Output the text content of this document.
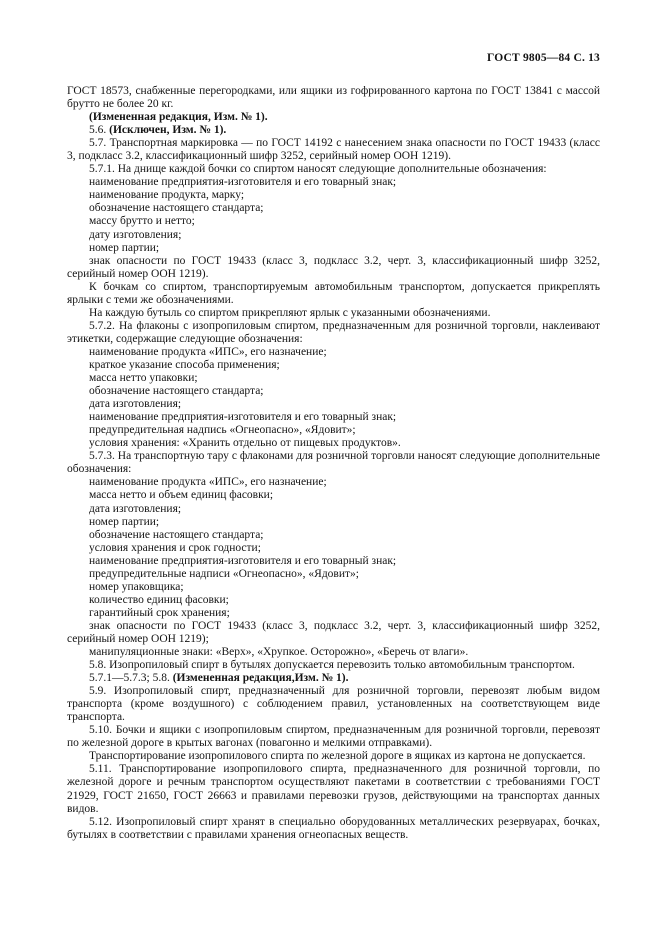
ГОСТ 9805—84 С. 13

ГОСТ 18573, снабженные перегородками, или ящики из гофрированного картона по ГОСТ 13841 с массой брутто не более 20 кг.

(Измененная редакция, Изм. № 1).

5.6. (Исключен, Изм. № 1).

5.7. Транспортная маркировка — по ГОСТ 14192 с нанесением знака опасности по ГОСТ 19433 (класс 3, подкласс 3.2, классификационный шифр 3252, серийный номер ООН 1219).

5.7.1. На днище каждой бочки со спиртом наносят следующие дополнительные обозначения:

наименование предприятия-изготовителя и его товарный знак;

наименование продукта, марку;

обозначение настоящего стандарта;

массу брутто и нетто;

дату изготовления;

номер партии;

знак опасности по ГОСТ 19433 (класс 3, подкласс 3.2, черт. 3, классификационный шифр 3252, серийный номер ООН 1219).

К бочкам со спиртом, транспортируемым автомобильным транспортом, допускается прикреплять ярлыки с теми же обозначениями.

На каждую бутыль со спиртом прикрепляют ярлык с указанными обозначениями.

5.7.2. На флаконы с изопропиловым спиртом, предназначенным для розничной торговли, наклеивают этикетки, содержащие следующие обозначения:

наименование продукта «ИПС», его назначение;

краткое указание способа применения;

масса нетто упаковки;

обозначение настоящего стандарта;

дата изготовления;

наименование предприятия-изготовителя и его товарный знак;

предупредительная надпись «Огнеопасно», «Ядовит»;

условия хранения: «Хранить отдельно от пищевых продуктов».

5.7.3. На транспортную тару с флаконами для розничной торговли наносят следующие дополнительные обозначения:

наименование продукта «ИПС», его назначение;

масса нетто и объем единиц фасовки;

дата изготовления;

номер партии;

обозначение настоящего стандарта;

условия хранения и срок годности;

наименование предприятия-изготовителя и его товарный знак;

предупредительные надписи «Огнеопасно», «Ядовит»;

номер упаковщика;

количество единиц фасовки;

гарантийный срок хранения;

знак опасности по ГОСТ 19433 (класс 3, подкласс 3.2, черт. 3, классификационный шифр 3252, серийный номер ООН 1219);

манипуляционные знаки: «Верх», «Хрупкое. Осторожно», «Беречь от влаги».

5.8. Изопропиловый спирт в бутылях допускается перевозить только автомобильным транспортом.

5.7.1—5.7.3; 5.8. (Измененная редакция,Изм. № 1).

5.9. Изопропиловый спирт, предназначенный для розничной торговли, перевозят любым видом транспорта (кроме воздушного) с соблюдением правил, установленных на соответствующем виде транспорта.

5.10. Бочки и ящики с изопропиловым спиртом, предназначенным для розничной торговли, перевозят по железной дороге в крытых вагонах (повагонно и мелкими отправками).

Транспортирование изопропилового спирта по железной дороге в ящиках из картона не допускается.

5.11. Транспортирование изопропилового спирта, предназначенного для розничной торговли, по железной дороге и речным транспортом осуществляют пакетами в соответствии с требованиями ГОСТ 21929, ГОСТ 21650, ГОСТ 26663 и правилами перевозки грузов, действующими на транспортах данных видов.

5.12. Изопропиловый спирт хранят в специально оборудованных металлических резервуарах, бочках, бутылях в соответствии с правилами хранения огнеопасных веществ.
